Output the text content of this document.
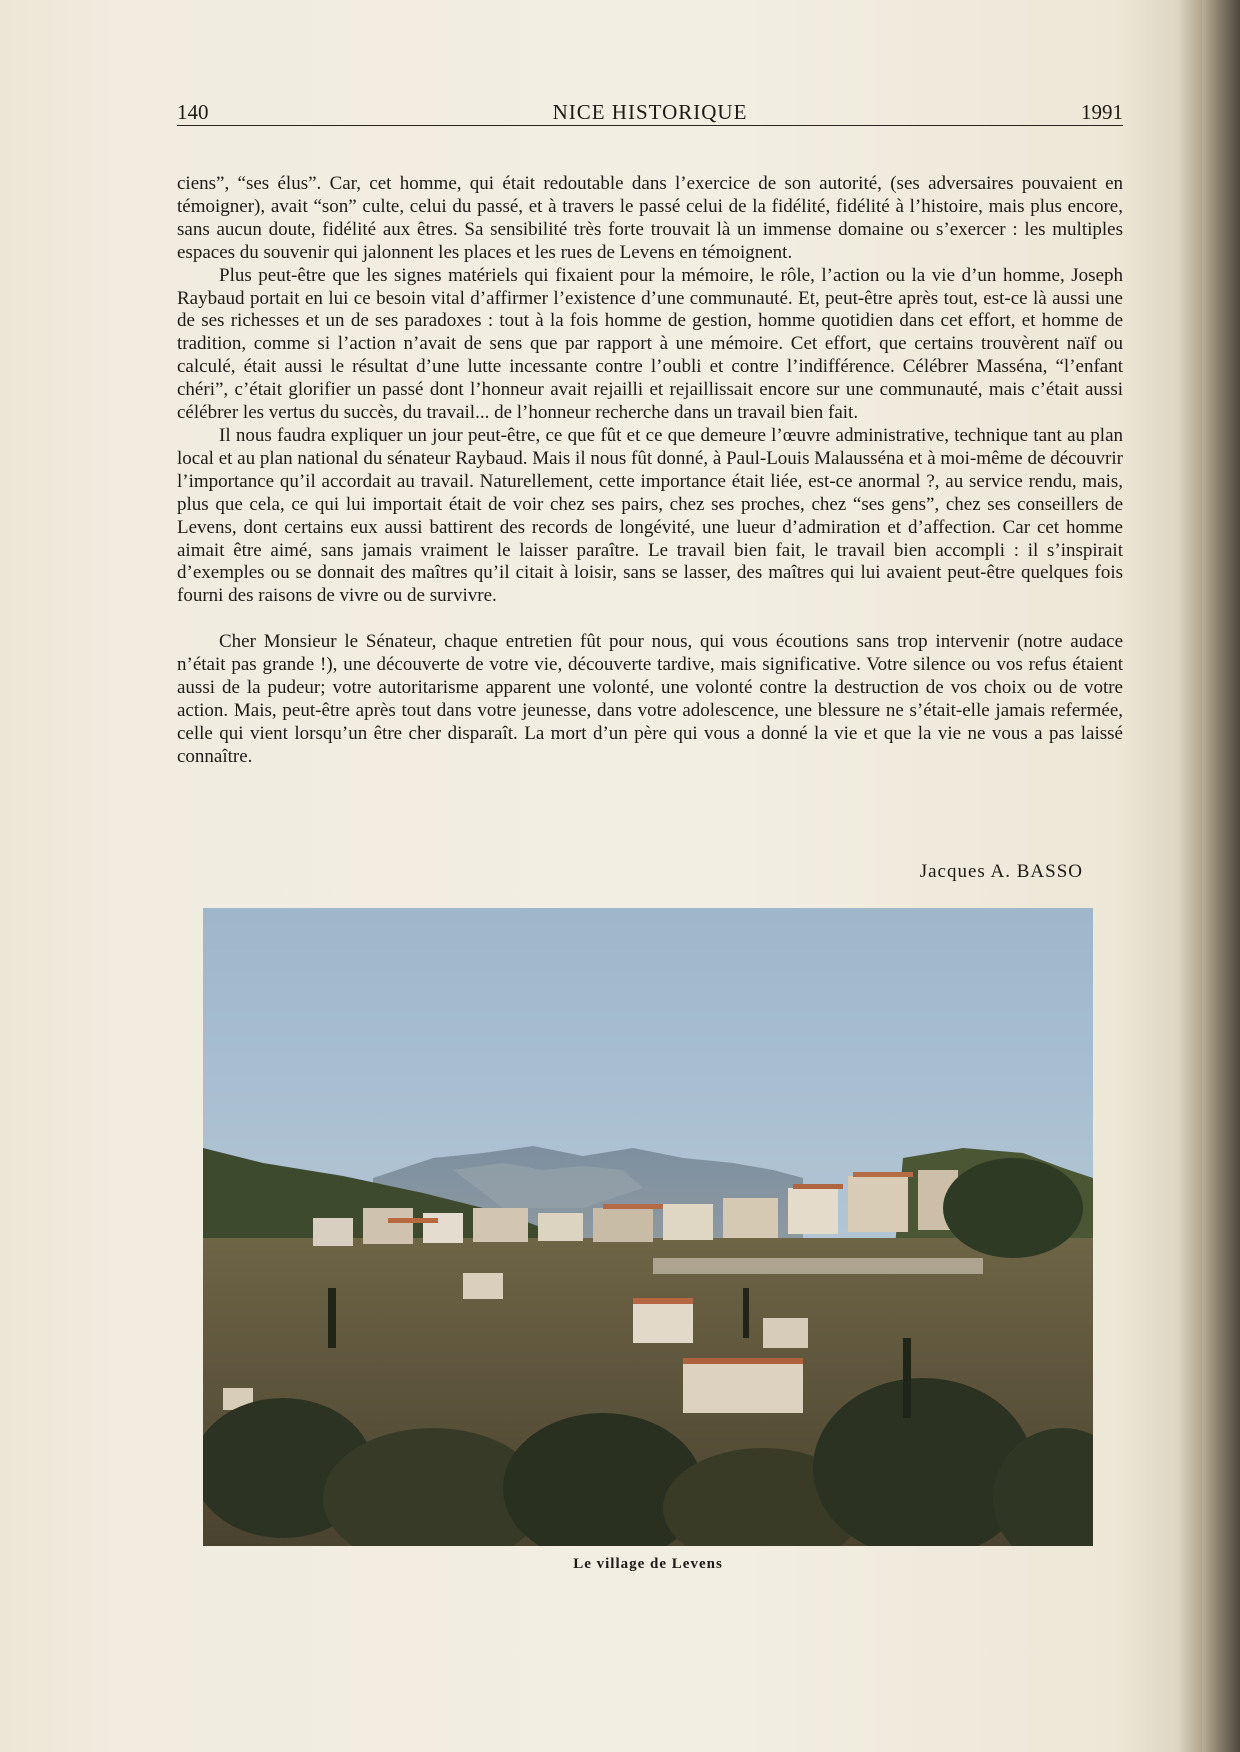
140	NICE HISTORIQUE	1991

ciens”, “ses élus”. Car, cet homme, qui était redoutable dans l’exercice de son autorité, (ses adversaires pouvaient en témoigner), avait “son” culte, celui du passé, et à travers le passé celui de la fidélité, fidélité à l’histoire, mais plus encore, sans aucun doute, fidélité aux êtres. Sa sensibilité très forte trouvait là un immense domaine ou s’exercer : les multiples espaces du souvenir qui jalonnent les places et les rues de Levens en témoignent.

Plus peut-être que les signes matériels qui fixaient pour la mémoire, le rôle, l’action ou la vie d’un homme, Joseph Raybaud portait en lui ce besoin vital d’affirmer l’existence d’une communauté. Et, peut-être après tout, est-ce là aussi une de ses richesses et un de ses paradoxes : tout à la fois homme de gestion, homme quotidien dans cet effort, et homme de tradition, comme si l’action n’avait de sens que par rapport à une mémoire. Cet effort, que certains trouvèrent naïf ou calculé, était aussi le résultat d’une lutte incessante contre l’oubli et contre l’indifférence. Célébrer Masséna, “l’enfant chéri”, c’était glorifier un passé dont l’honneur avait rejailli et rejaillissait encore sur une communauté, mais c’était aussi célébrer les vertus du succès, du travail... de l’honneur recherche dans un travail bien fait.

Il nous faudra expliquer un jour peut-être, ce que fût et ce que demeure l’œuvre administrative, technique tant au plan local et au plan national du sénateur Raybaud. Mais il nous fût donné, à Paul-Louis Malausséna et à moi-même de découvrir l’importance qu’il accordait au travail. Naturellement, cette importance était liée, est-ce anormal ?, au service rendu, mais, plus que cela, ce qui lui importait était de voir chez ses pairs, chez ses proches, chez “ses gens”, chez ses conseillers de Levens, dont certains eux aussi battirent des records de longévité, une lueur d’admiration et d’affection. Car cet homme aimait être aimé, sans jamais vraiment le laisser paraître. Le travail bien fait, le travail bien accompli : il s’inspirait d’exemples ou se donnait des maîtres qu’il citait à loisir, sans se lasser, des maîtres qui lui avaient peut-être quelques fois fourni des raisons de vivre ou de survivre.

Cher Monsieur le Sénateur, chaque entretien fût pour nous, qui vous écoutions sans trop intervenir (notre audace n’était pas grande !), une découverte de votre vie, découverte tardive, mais significative. Votre silence ou vos refus étaient aussi de la pudeur; votre autoritarisme apparent une volonté, une volonté contre la destruction de vos choix ou de votre action. Mais, peut-être après tout dans votre jeunesse, dans votre adolescence, une blessure ne s’était-elle jamais refermée, celle qui vient lorsqu’un être cher disparaît. La mort d’un père qui vous a donné la vie et que la vie ne vous a pas laissé connaître.

Jacques A. BASSO
Le village de Levens
